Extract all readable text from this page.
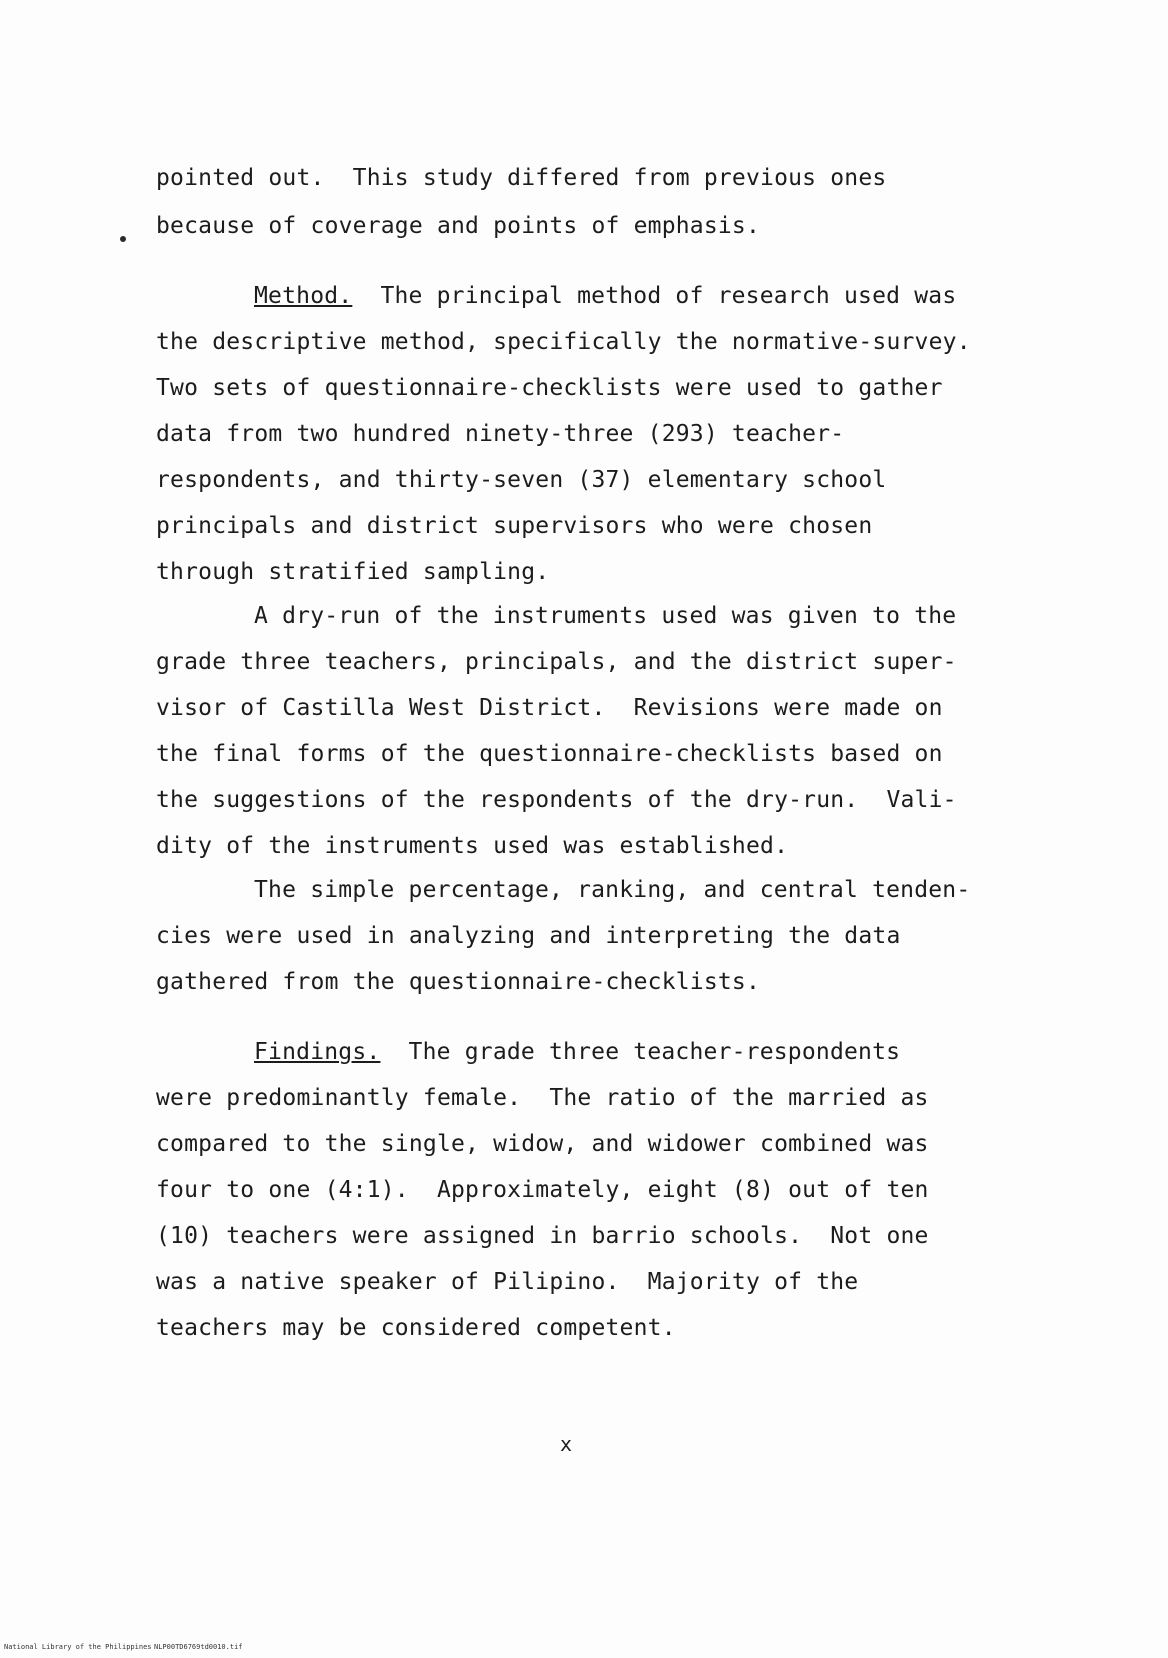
pointed out.  This study differed from previous ones
because of coverage and points of emphasis.
Method.  The principal method of research used was
the descriptive method, specifically the normative-survey.
Two sets of questionnaire-checklists were used to gather
data from two hundred ninety-three (293) teacher-
respondents, and thirty-seven (37) elementary school
principals and district supervisors who were chosen
through stratified sampling.
A dry-run of the instruments used was given to the
grade three teachers, principals, and the district super-
visor of Castilla West District.  Revisions were made on
the final forms of the questionnaire-checklists based on
the suggestions of the respondents of the dry-run.  Vali-
dity of the instruments used was established.
The simple percentage, ranking, and central tenden-
cies were used in analyzing and interpreting the data
gathered from the questionnaire-checklists.
Findings.  The grade three teacher-respondents
were predominantly female.  The ratio of the married as
compared to the single, widow, and widower combined was
four to one (4:1).  Approximately, eight (8) out of ten
(10) teachers were assigned in barrio schools.  Not one
was a native speaker of Pilipino.  Majority of the
teachers may be considered competent.
x
National Library of the Philippines NLP00TD6769td0010.tif
